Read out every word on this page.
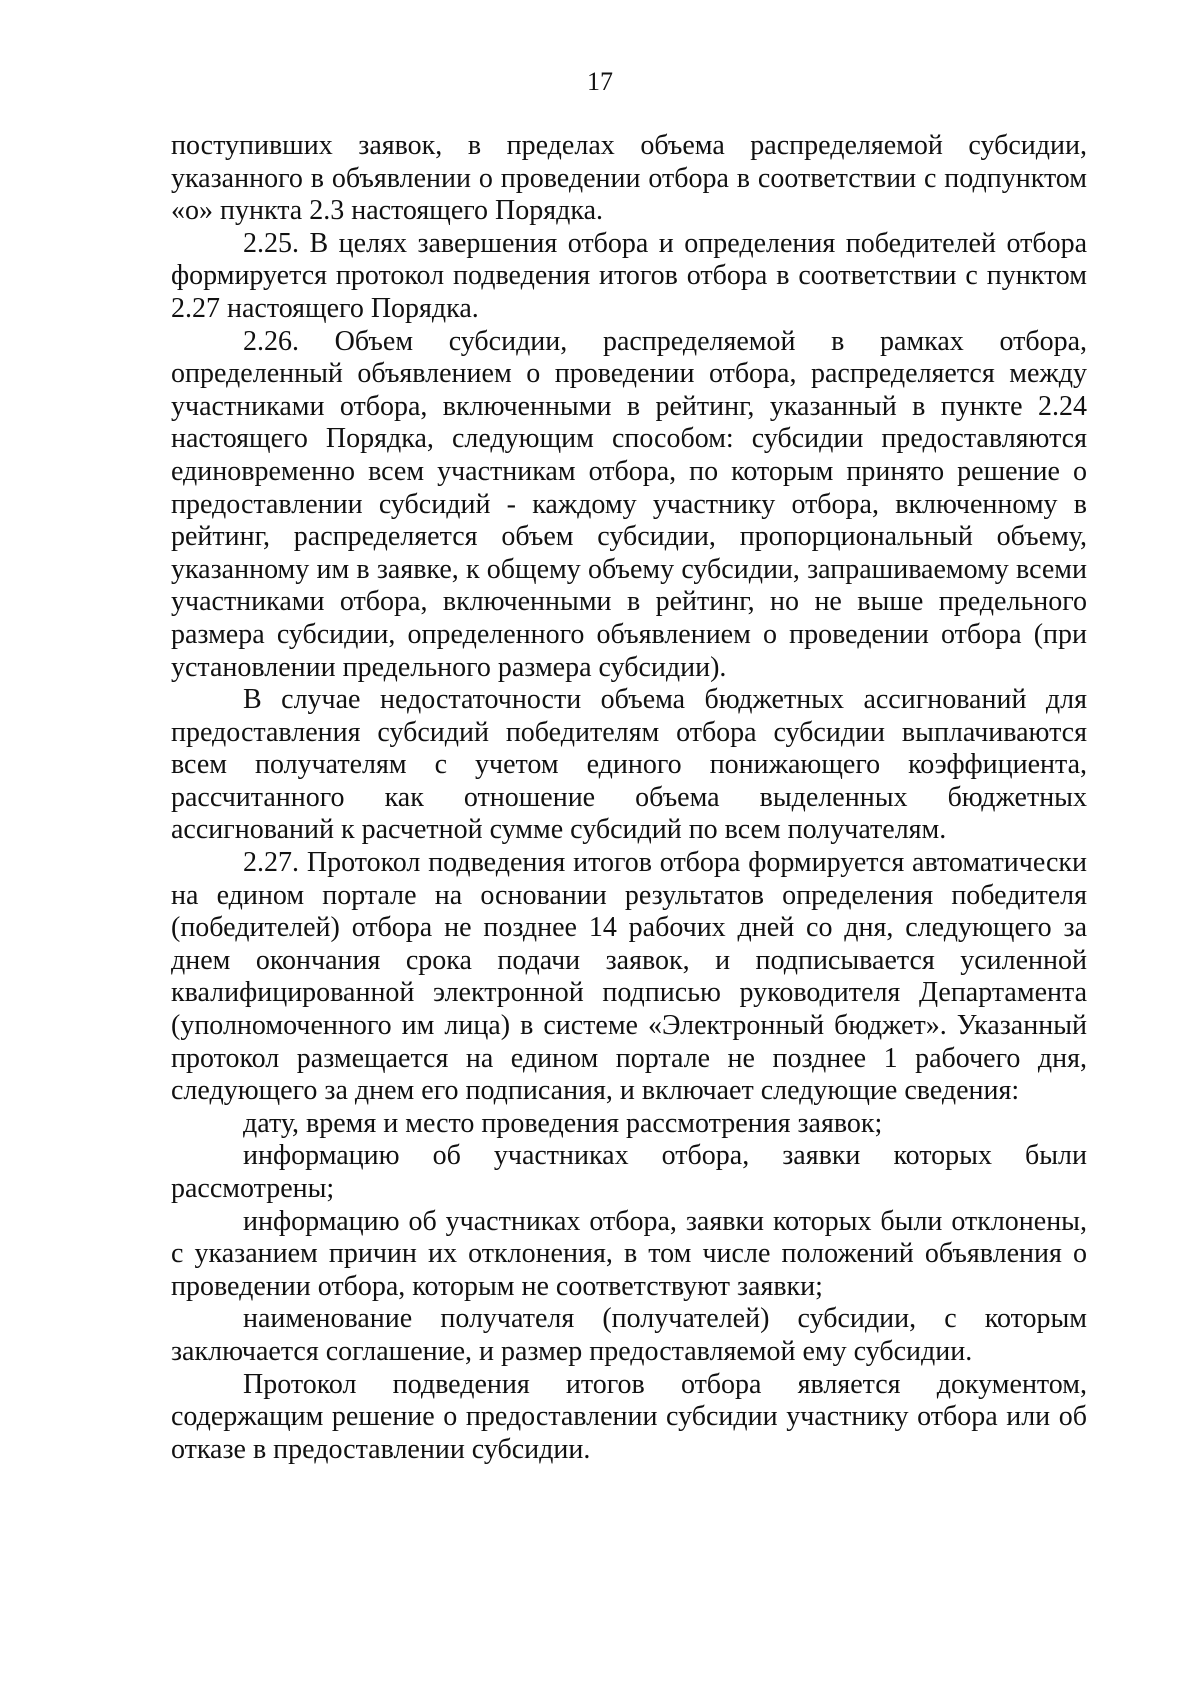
17

поступивших заявок, в пределах объема распределяемой субсидии, указанного в объявлении о проведении отбора в соответствии с подпунктом «о» пункта 2.3 настоящего Порядка.

2.25. В целях завершения отбора и определения победителей отбора формируется протокол подведения итогов отбора в соответствии с пунктом 2.27 настоящего Порядка.

2.26. Объем субсидии, распределяемой в рамках отбора, определенный объявлением о проведении отбора, распределяется между участниками отбора, включенными в рейтинг, указанный в пункте 2.24 настоящего Порядка, следующим способом: субсидии предоставляются единовременно всем участникам отбора, по которым принято решение о предоставлении субсидий - каждому участнику отбора, включенному в рейтинг, распределяется объем субсидии, пропорциональный объему, указанному им в заявке, к общему объему субсидии, запрашиваемому всеми участниками отбора, включенными в рейтинг, но не выше предельного размера субсидии, определенного объявлением о проведении отбора (при установлении предельного размера субсидии).

В случае недостаточности объема бюджетных ассигнований для предоставления субсидий победителям отбора субсидии выплачиваются всем получателям с учетом единого понижающего коэффициента, рассчитанного как отношение объема выделенных бюджетных ассигнований к расчетной сумме субсидий по всем получателям.

2.27. Протокол подведения итогов отбора формируется автоматически на едином портале на основании результатов определения победителя (победителей) отбора не позднее 14 рабочих дней со дня, следующего за днем окончания срока подачи заявок, и подписывается усиленной квалифицированной электронной подписью руководителя Департамента (уполномоченного им лица) в системе «Электронный бюджет». Указанный протокол размещается на едином портале не позднее 1 рабочего дня, следующего за днем его подписания, и включает следующие сведения:

дату, время и место проведения рассмотрения заявок;

информацию об участниках отбора, заявки которых были рассмотрены;

информацию об участниках отбора, заявки которых были отклонены, с указанием причин их отклонения, в том числе положений объявления о проведении отбора, которым не соответствуют заявки;

наименование получателя (получателей) субсидии, с которым заключается соглашение, и размер предоставляемой ему субсидии.

Протокол подведения итогов отбора является документом, содержащим решение о предоставлении субсидии участнику отбора или об отказе в предоставлении субсидии.
